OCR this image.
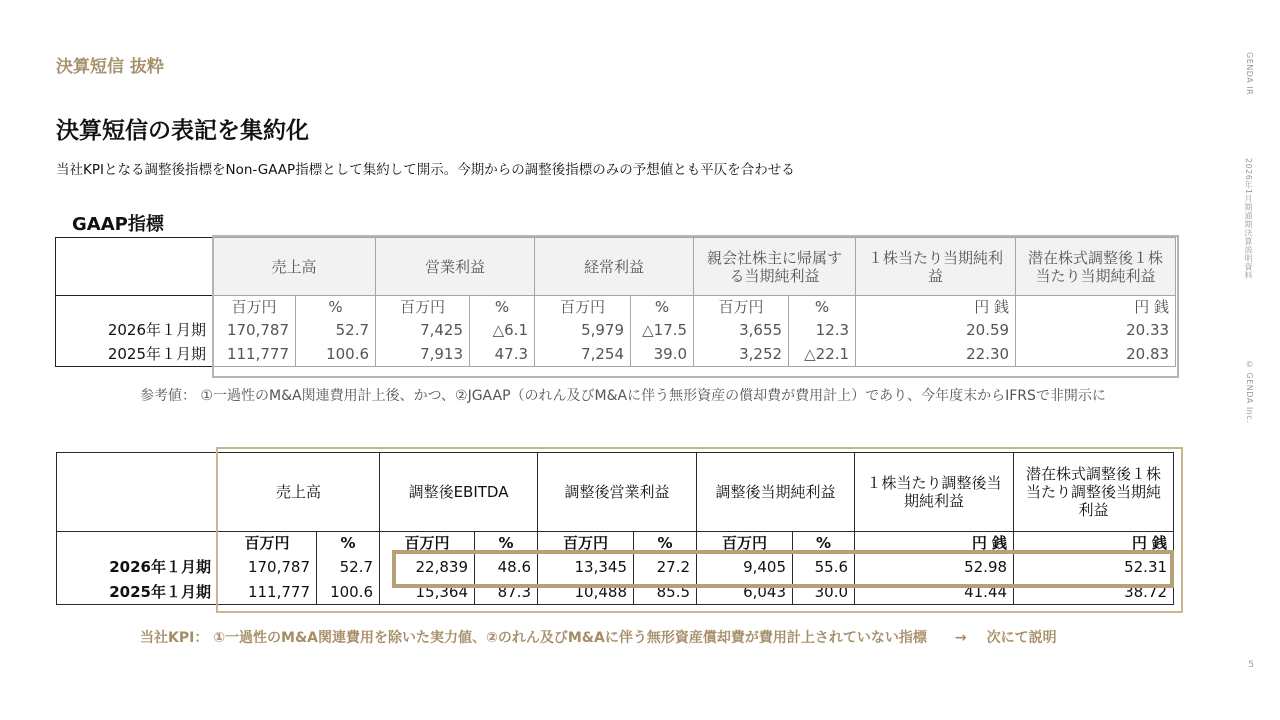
決算短信 抜粋
決算短信の表記を集約化
当社KPIとなる調整後指標をNon-GAAP指標として集約して開示。今期からの調整後指標のみの予想値とも平仄を合わせる
GENDA IR
2026年1月期通期決算説明資料
© GENDA Inc.
5
GAAP指標
	売上高		営業利益		経常利益		親会社株主に帰属する当期純利益		１株当たり当期純利益	潜在株式調整後１株当たり当期純利益
	百万円	%	百万円	%	百万円	%	百万円	%	円 銭	円 銭
2026年１月期	170,787	52.7	7,425	△6.1	5,979	△17.5	3,655	12.3	20.59	20.33
2025年１月期	111,777	100.6	7,913	47.3	7,254	39.0	3,252	△22.1	22.30	20.83
参考値： ①一過性のM&A関連費用計上後、かつ、②JGAAP（のれん及びM&Aに伴う無形資産の償却費が費用計上）であり、今年度末からIFRSで非開示に
	売上高		調整後EBITDA		調整後営業利益		調整後当期純利益		１株当たり調整後当期純利益	潜在株式調整後１株当たり調整後当期純利益
	百万円	%	百万円	%	百万円	%	百万円	%	円 銭	円 銭
2026年１月期	170,787	52.7	22,839	48.6	13,345	27.2	9,405	55.6	52.98	52.31
2025年１月期	111,777	100.6	15,364	87.3	10,488	85.5	6,043	30.0	41.44	38.72
当社KPI： ①一過性のM&A関連費用を除いた実力値、②のれん及びM&Aに伴う無形資産償却費が費用計上されていない指標 → 次にて説明
